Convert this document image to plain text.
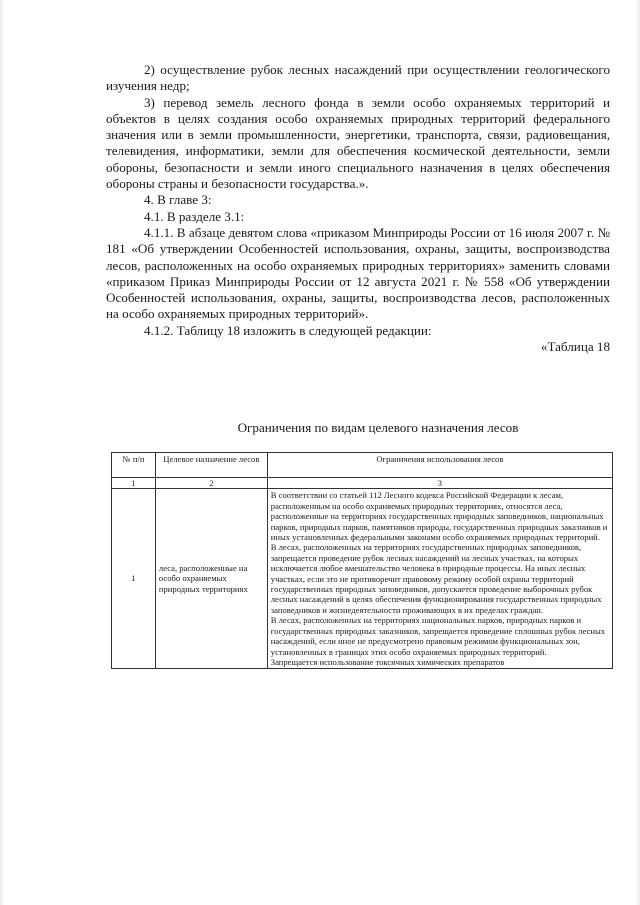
2) осуществление рубок лесных насаждений при осуществлении геологического изучения недр;

3) перевод земель лесного фонда в земли особо охраняемых территорий и объектов в целях создания особо охраняемых природных территорий федерального значения или в земли промышленности, энергетики, транспорта, связи, радиовещания, телевидения, информатики, земли для обеспечения космической деятельности, земли обороны, безопасности и земли иного специального назначения в целях обеспечения обороны страны и безопасности государства.».

4. В главе 3:

4.1. В разделе 3.1:

4.1.1. В абзаце девятом слова «приказом Минприроды России от 16 июля 2007 г. № 181 «Об утверждении Особенностей использования, охраны, защиты, воспроизводства лесов, расположенных на особо охраняемых природных территориях» заменить словами «приказом Приказ Минприроды России от 12 августа 2021 г. № 558 «Об утверждении Особенностей использования, охраны, защиты, воспроизводства лесов, расположенных на особо охраняемых природных территорий».

4.1.2. Таблицу 18 изложить в следующей редакции:

«Таблица 18

Ограничения по видам целевого назначения лесов
№ п/п	Целевое назначение лесов	Ограничения использования лесов
1	2	3
1	леса, расположенные на особо охраняемых природных территориях	В соответствии со статьей 112 Лесного кодекса Российской Федерации к лесам, расположенным на особо охраняемых природных территориях, относятся леса, расположенные на территориях государственных природных заповедников, национальных парков, природных парков, памятников природы, государственных природных заказников и иных установленных федеральными законами особо охраняемых природных территорий.

В лесах, расположенных на территориях государственных природных заповедников, запрещается проведение рубок лесных насаждений на лесных участках, на которых исключается любое вмешательство человека в природные процессы. На иных лесных участках, если это не противоречит правовому режиму особой охраны территорий государственных природных заповедников, допускается проведение выборочных рубок лесных насаждений в целях обеспечения функционирования государственных природных заповедников и жизнедеятельности проживающих в их пределах граждан.

В лесах, расположенных на территориях национальных парков, природных парков и государственных природных заказников, запрещается проведение сплошных рубок лесных насаждений, если иное не предусмотрено правовым режимом функциональных зон, установленных в границах этих особо охраняемых природных территорий.

Запрещается использование токсичных химических препаратов
